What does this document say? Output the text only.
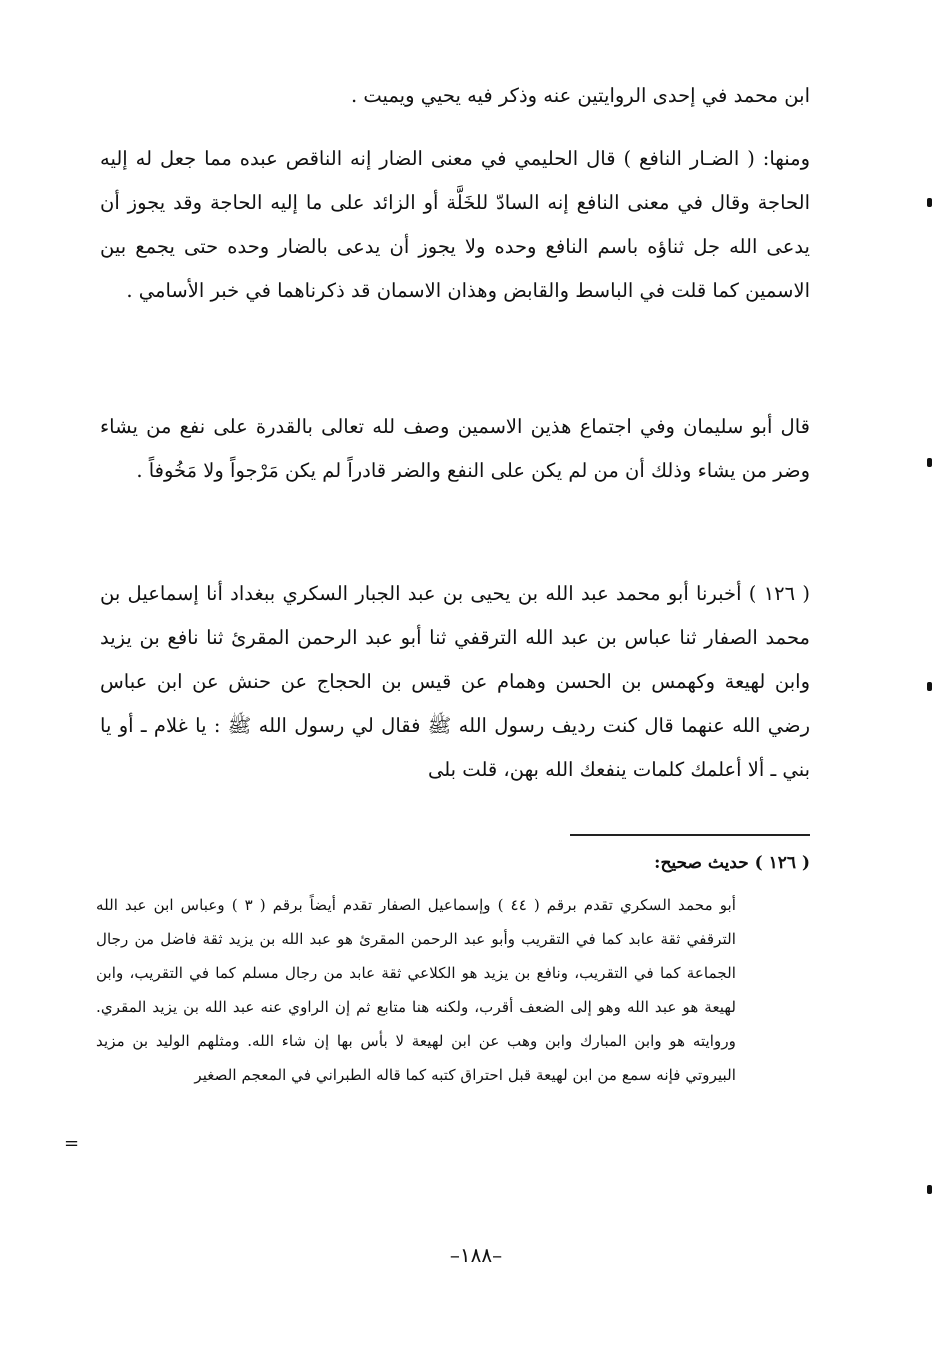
ابن محمد في إحدى الروايتين عنه وذكر فيه يحيي ويميت .

ومنها: ( الضـار النافع ) قال الحليمي في معنى الضار إنه الناقص عبده مما جعل له إليه الحاجة وقال في معنى النافع إنه السادّ للخَلَّة أو الزائد على ما إليه الحاجة وقد يجوز أن يدعى الله جل ثناؤه باسم النافع وحده ولا يجوز أن يدعى بالضار وحده حتى يجمع بين الاسمين كما قلت في الباسط والقابض وهذان الاسمان قد ذكرناهما في خبر الأسامي .

قال أبو سليمان وفي اجتماع هذين الاسمين وصف لله تعالى بالقدرة على نفع من يشاء وضر من يشاء وذلك أن من لم يكن على النفع والضر قادراً لم يكن مَرْجواً ولا مَخُوفاً .

( ١٢٦ ) أخبرنا أبو محمد عبد الله بن يحيى بن عبد الجبار السكري ببغداد أنا إسماعيل بن محمد الصفار ثنا عباس بن عبد الله الترقفي ثنا أبو عبد الرحمن المقرئ ثنا نافع بن يزيد وابن لهيعة وكهمس بن الحسن وهمام عن قيس بن الحجاج عن حنش عن ابن عباس رضي الله عنهما قال كنت رديف رسول الله ﷺ فقال لي رسول الله ﷺ : يا غلام ـ أو يا بني ـ ألا أعلمك كلمات ينفعك الله بهن، قلت بلى

( ١٢٦ ) حديث صحيح:

أبو محمد السكري تقدم برقم ( ٤٤ ) وإسماعيل الصفار تقدم أيضاً برقم ( ٣ ) وعباس ابن عبد الله الترقفي ثقة عابد كما في التقريب وأبو عبد الرحمن المقرئ هو عبد الله بن يزيد ثقة فاضل من رجال الجماعة كما في التقريب، ونافع بن يزيد هو الكلاعي ثقة عابد من رجال مسلم كما في التقريب، وابن لهيعة هو عبد الله وهو إلى الضعف أقرب، ولكنه هنا متابع ثم إن الراوي عنه عبد الله بن يزيد المقري. وروايته هو وابن المبارك وابن وهب عن ابن لهيعة لا بأس بها إن شاء الله. ومثلهم الوليد بن مزيد البيروتي فإنه سمع من ابن لهيعة قبل احتراق كتبه كما قاله الطبراني في المعجم الصغير

=
–١٨٨–
